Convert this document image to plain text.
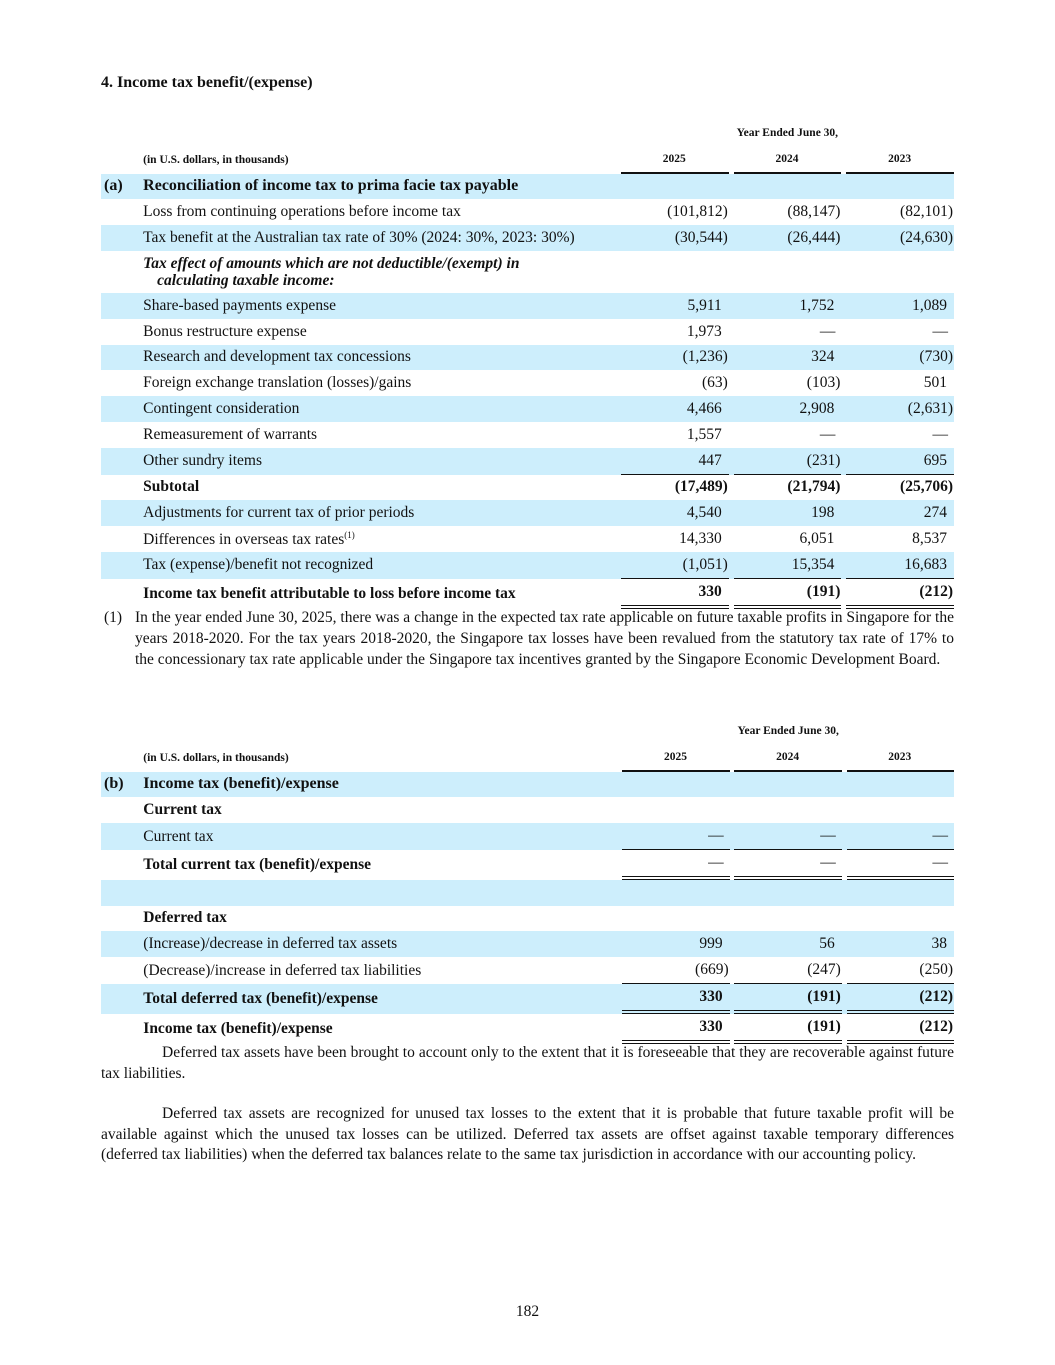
4. Income tax benefit/(expense)
		Year Ended June 30,				
	(in U.S. dollars, in thousands)	2025		2024		2023
(a)	Reconciliation of income tax to prima facie tax payable					
	Loss from continuing operations before income tax	(101,812)		(88,147)		(82,101)
	Tax benefit at the Australian tax rate of 30% (2024: 30%, 2023: 30%)	(30,544)		(26,444)		(24,630)

	Tax effect of amounts which are not deductible/(exempt) in
calculating taxable income:					

	Share-based payments expense	5,911		1,752		1,089
	Bonus restructure expense	1,973		—		—
	Research and development tax concessions	(1,236)		324		(730)
	Foreign exchange translation (losses)/gains	(63)		(103)		501
	Contingent consideration	4,466		2,908		(2,631)
	Remeasurement of warrants	1,557		—		—
	Other sundry items	447		(231)		695
	Subtotal	(17,489)		(21,794)		(25,706)
	Adjustments for current tax of prior periods	4,540		198		274
	Differences in overseas tax rates$^{(1)}$	14,330		6,051		8,537
	Tax (expense)/benefit not recognized	(1,051)		15,354		16,683
	Income tax benefit attributable to loss before income tax	330		(191)		(212)
(1) In the year ended June 30, 2025, there was a change in the expected tax rate applicable on future taxable profits in Singapore for the years 2018-2020. For the tax years 2018-2020, the Singapore tax losses have been revalued from the statutory tax rate of 17% to the concessionary tax rate applicable under the Singapore tax incentives granted by the Singapore Economic Development Board.
		Year Ended June 30,				
	(in U.S. dollars, in thousands)	2025		2024		2023
(b)	Income tax (benefit)/expense					
	Current tax					
	Current tax	—		—		—
	Total current tax (benefit)/expense	—		—		—

	Deferred tax					
	(Increase)/decrease in deferred tax assets	999		56		38
	(Decrease)/increase in deferred tax liabilities	(669)		(247)		(250)
	Total deferred tax (benefit)/expense	330		(191)		(212)
	Income tax (benefit)/expense	330		(191)		(212)

Deferred tax assets have been brought to account only to the extent that it is foreseeable that they are recoverable against future tax liabilities.

Deferred tax assets are recognized for unused tax losses to the extent that it is probable that future taxable profit will be available against which the unused tax losses can be utilized. Deferred tax assets are offset against taxable temporary differences (deferred tax liabilities) when the deferred tax balances relate to the same tax jurisdiction in accordance with our accounting policy.

182
